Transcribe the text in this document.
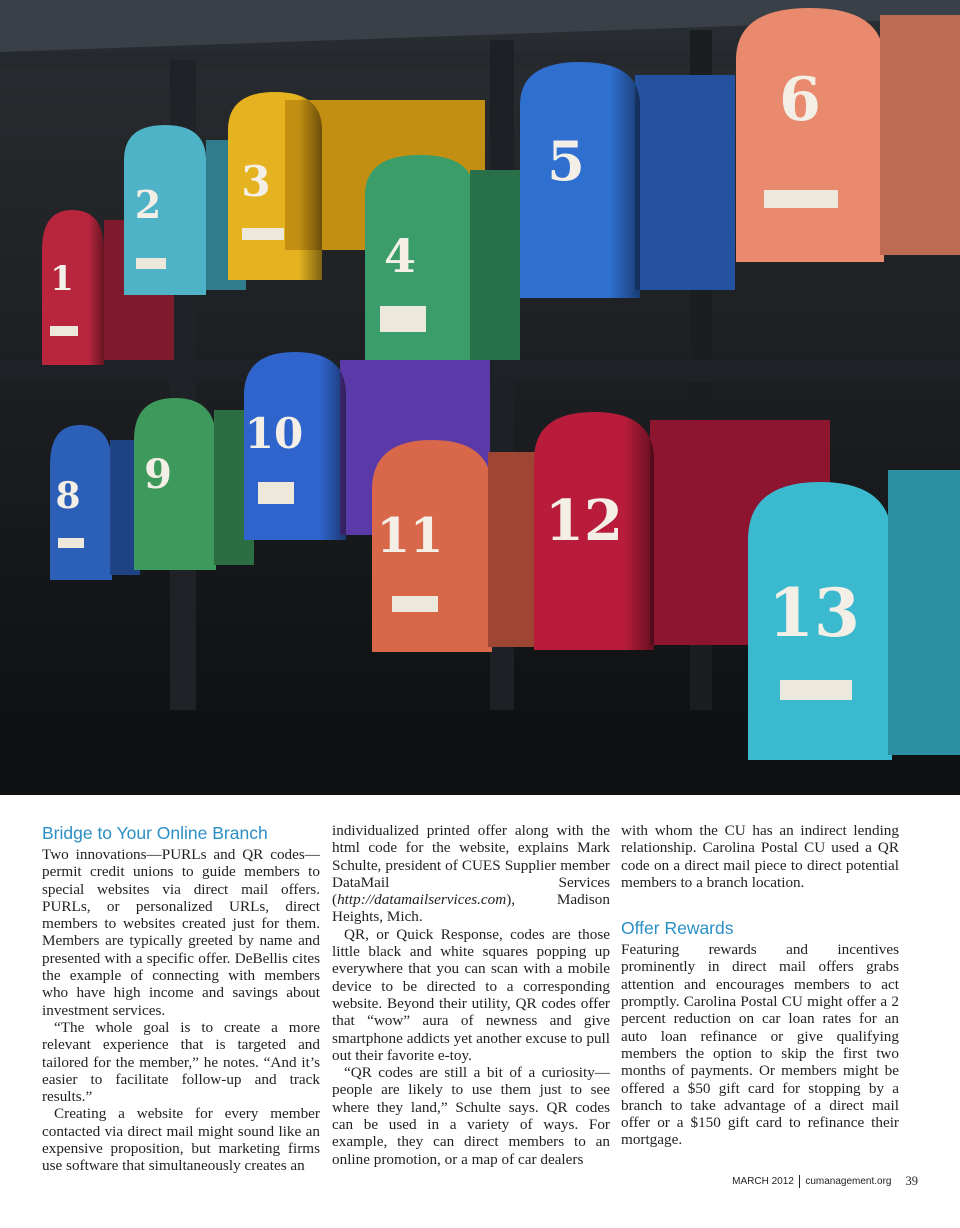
1
2 3
4
5
6
8 9
10
11 12
13
Bridge to Your Online Branch

Two innovations—PURLs and QR codes—permit credit unions to guide members to special websites via direct mail offers. PURLs, or personalized URLs, direct members to websites created just for them. Members are typically greeted by name and presented with a specific offer. DeBellis cites the example of connecting with members who have high income and savings about investment services.

“The whole goal is to create a more relevant experience that is targeted and tailored for the member,” he notes. “And it’s easier to facilitate follow-up and track results.”

Creating a website for every member contacted via direct mail might sound like an expensive proposition, but marketing firms use software that simultaneously creates an

individualized printed offer along with the html code for the website, explains Mark Schulte, president of CUES Supplier member DataMail Services (http://datamailservices.com), Madison Heights, Mich.

QR, or Quick Response, codes are those little black and white squares popping up everywhere that you can scan with a mobile device to be directed to a corresponding website. Beyond their utility, QR codes offer that “wow” aura of newness and give smartphone addicts yet another excuse to pull out their favorite e-toy.

“QR codes are still a bit of a curiosity—people are likely to use them just to see where they land,” Schulte says. QR codes can be used in a variety of ways. For example, they can direct members to an online promotion, or a map of car dealers

with whom the CU has an indirect lending relationship. Carolina Postal CU used a QR code on a direct mail piece to direct potential members to a branch location.

Offer Rewards

Featuring rewards and incentives prominently in direct mail offers grabs attention and encourages members to act promptly. Carolina Postal CU might offer a 2 percent reduction on car loan rates for an auto loan refinance or give qualifying members the option to skip the first two months of payments. Or members might be offered a $50 gift card for stopping by a branch to take advantage of a direct mail offer or a $150 gift card to refinance their mortgage.

MARCH 2012 cumanagement.org 39
